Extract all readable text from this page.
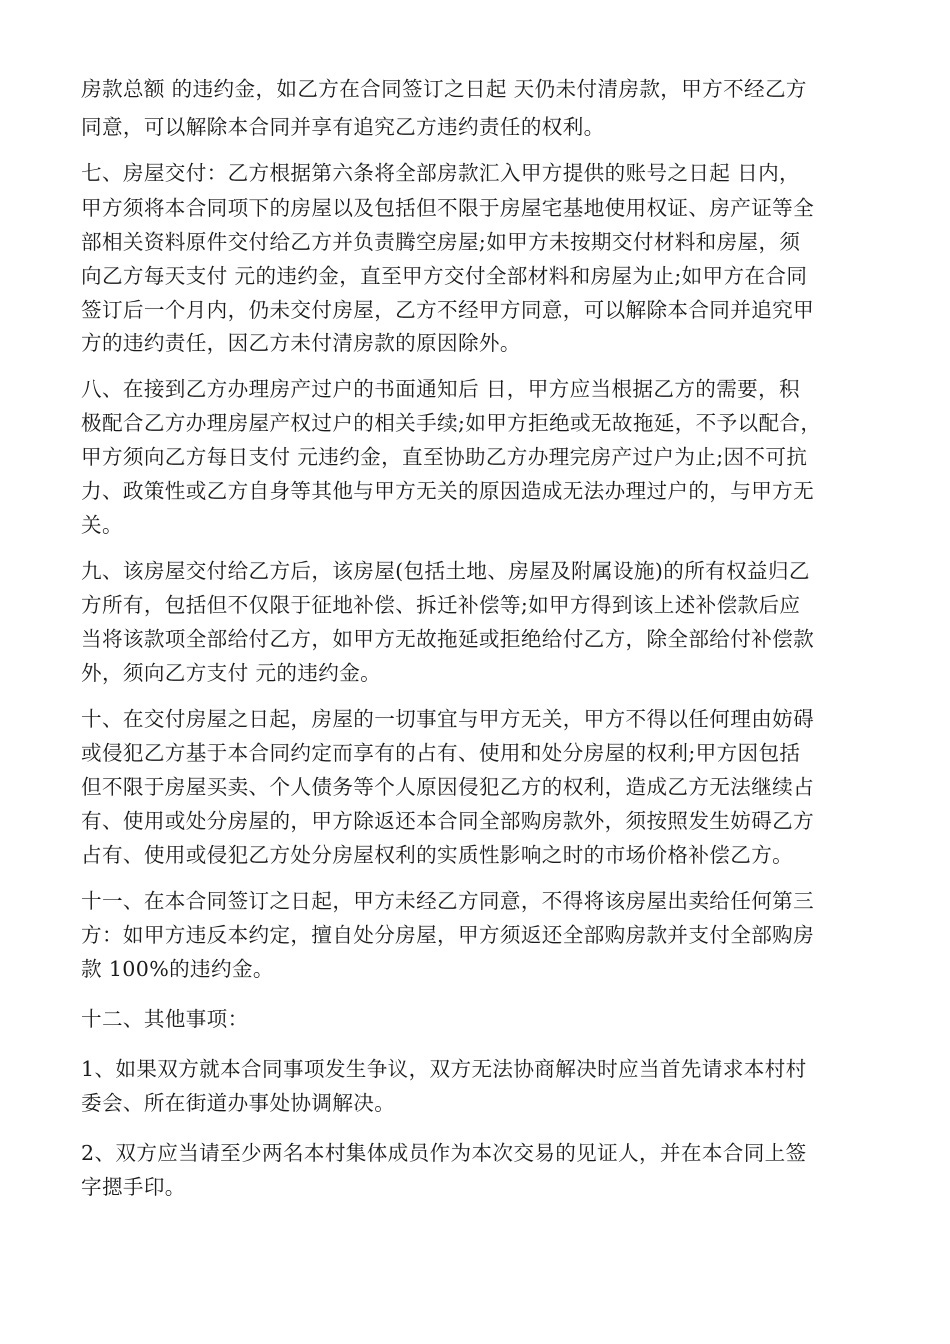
房款总额 的违约金，如乙方在合同签订之日起 天仍未付清房款，甲方不经乙方
同意，可以解除本合同并享有追究乙方违约责任的权利。
七、房屋交付：乙方根据第六条将全部房款汇入甲方提供的账号之日起 日内，
甲方须将本合同项下的房屋以及包括但不限于房屋宅基地使用权证、房产证等全
部相关资料原件交付给乙方并负责腾空房屋;如甲方未按期交付材料和房屋，须
向乙方每天支付 元的违约金，直至甲方交付全部材料和房屋为止;如甲方在合同
签订后一个月内，仍未交付房屋，乙方不经甲方同意，可以解除本合同并追究甲
方的违约责任，因乙方未付清房款的原因除外。
八、在接到乙方办理房产过户的书面通知后 日，甲方应当根据乙方的需要，积
极配合乙方办理房屋产权过户的相关手续;如甲方拒绝或无故拖延，不予以配合，
甲方须向乙方每日支付 元违约金，直至协助乙方办理完房产过户为止;因不可抗
力、政策性或乙方自身等其他与甲方无关的原因造成无法办理过户的，与甲方无
关。
九、该房屋交付给乙方后，该房屋(包括土地、房屋及附属设施)的所有权益归乙
方所有，包括但不仅限于征地补偿、拆迁补偿等;如甲方得到该上述补偿款后应
当将该款项全部给付乙方，如甲方无故拖延或拒绝给付乙方，除全部给付补偿款
外，须向乙方支付 元的违约金。
十、在交付房屋之日起，房屋的一切事宜与甲方无关，甲方不得以任何理由妨碍
或侵犯乙方基于本合同约定而享有的占有、使用和处分房屋的权利;甲方因包括
但不限于房屋买卖、个人债务等个人原因侵犯乙方的权利，造成乙方无法继续占
有、使用或处分房屋的，甲方除返还本合同全部购房款外，须按照发生妨碍乙方
占有、使用或侵犯乙方处分房屋权利的实质性影响之时的市场价格补偿乙方。
十一、在本合同签订之日起，甲方未经乙方同意，不得将该房屋出卖给任何第三
方：如甲方违反本约定，擅自处分房屋，甲方须返还全部购房款并支付全部购房
款 100%的违约金。
十二、其他事项：
1、如果双方就本合同事项发生争议，双方无法协商解决时应当首先请求本村村
委会、所在街道办事处协调解决。
2、双方应当请至少两名本村集体成员作为本次交易的见证人，并在本合同上签
字摁手印。
